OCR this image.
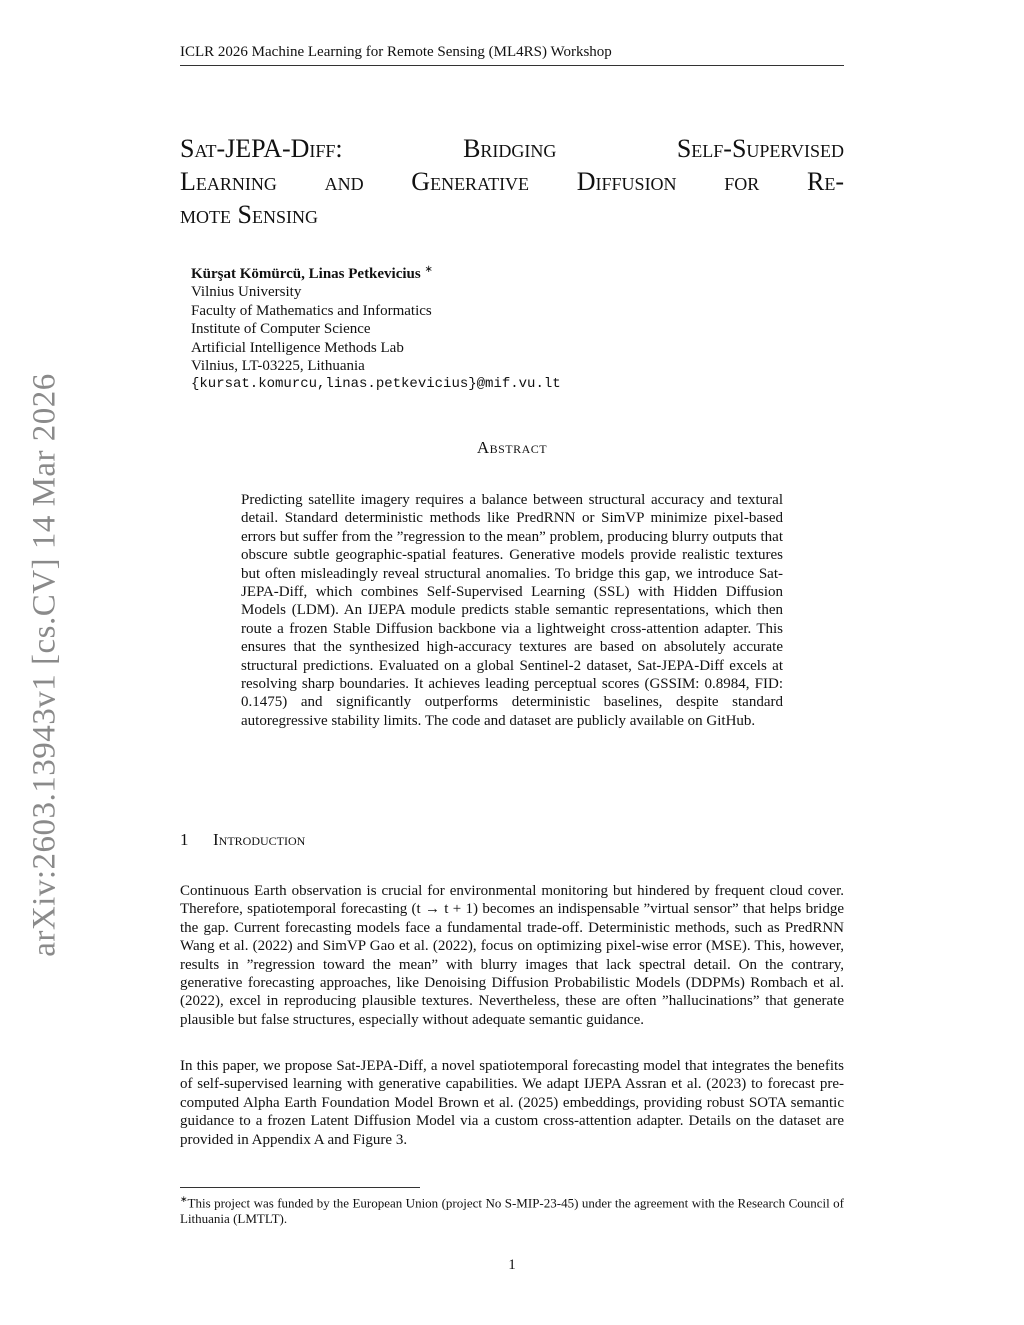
ICLR 2026 Machine Learning for Remote Sensing (ML4RS) Workshop
arXiv:2603.13943v1 [cs.CV] 14 Mar 2026
Sat-JEPA-Diff: Bridging Self-Supervised
Learning and Generative Diffusion for Re-
mote Sensing
Kürşat Kömürcü, Linas Petkevicius ∗
Vilnius University
Faculty of Mathematics and Informatics
Institute of Computer Science
Artificial Intelligence Methods Lab
Vilnius, LT-03225, Lithuania
{kursat.komurcu,linas.petkevicius}@mif.vu.lt
Abstract
Predicting satellite imagery requires a balance between structural accuracy and textural detail. Standard deterministic methods like PredRNN or SimVP minimize pixel-based errors but suffer from the ”regression to the mean” problem, producing blurry outputs that obscure subtle geographic-spatial features. Generative models provide realistic textures but often misleadingly reveal structural anomalies. To bridge this gap, we introduce Sat-JEPA-Diff, which combines Self-Supervised Learning (SSL) with Hidden Diffusion Models (LDM). An IJEPA module predicts stable semantic representations, which then route a frozen Stable Diffusion backbone via a lightweight cross-attention adapter. This ensures that the synthesized high-accuracy textures are based on absolutely accurate structural predictions. Evaluated on a global Sentinel-2 dataset, Sat-JEPA-Diff excels at resolving sharp boundaries. It achieves leading perceptual scores (GSSIM: 0.8984, FID: 0.1475) and significantly outperforms deterministic baselines, despite standard autoregressive stability limits. The code and dataset are publicly available on GitHub.
1 Introduction

Continuous Earth observation is crucial for environmental monitoring but hindered by frequent cloud cover. Therefore, spatiotemporal forecasting (t → t + 1) becomes an indispensable ”virtual sensor” that helps bridge the gap. Current forecasting models face a fundamental trade-off. Deterministic methods, such as PredRNN Wang et al. (2022) and SimVP Gao et al. (2022), focus on optimizing pixel-wise error (MSE). This, however, results in ”regression toward the mean” with blurry images that lack spectral detail. On the contrary, generative forecasting approaches, like Denoising Diffusion Probabilistic Models (DDPMs) Rombach et al. (2022), excel in reproducing plausible textures. Nevertheless, these are often ”hallucinations” that generate plausible but false structures, especially without adequate semantic guidance.

In this paper, we propose Sat-JEPA-Diff, a novel spatiotemporal forecasting model that integrates the benefits of self-supervised learning with generative capabilities. We adapt IJEPA Assran et al. (2023) to forecast pre-computed Alpha Earth Foundation Model Brown et al. (2025) embeddings, providing robust SOTA semantic guidance to a frozen Latent Diffusion Model via a custom cross-attention adapter. Details on the dataset are provided in Appendix A and Figure 3.

∗This project was funded by the European Union (project No S-MIP-23-45) under the agreement with the Research Council of Lithuania (LMTLT).
1
